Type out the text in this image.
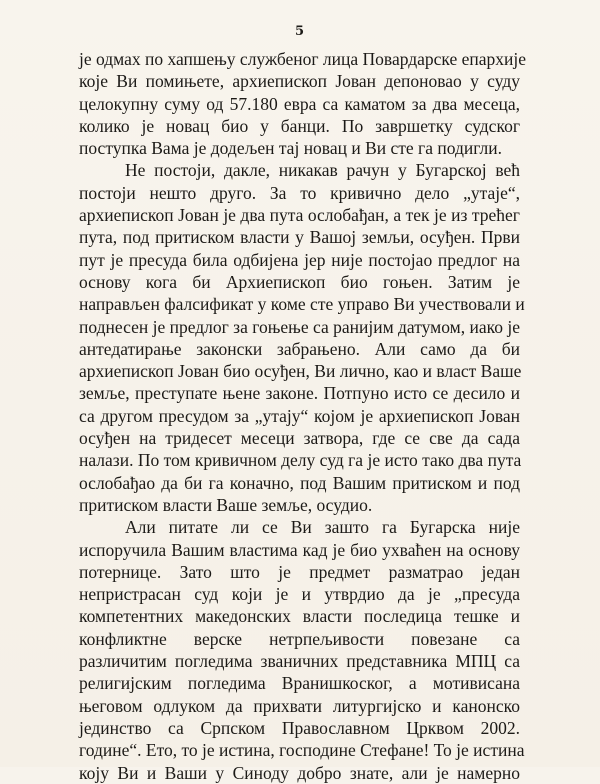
5
је одмах по хапшењу службеног лица Повардарске епархије
које Ви помињете, архиепископ Јован депоновао у суду
целокупну суму од 57.180 евра са каматом за два месеца,
колико је новац био у банци. По завршетку судског
поступка Вама је додељен тај новац и Ви сте га подигли.
Не постоји, дакле, никакав рачун у Бугарској већ
постоји нешто друго. За то кривично дело „утаје“,
архиепископ Јован је два пута ослобађан, а тек је из трећег
пута, под притиском власти у Вашој земљи, осуђен. Први
пут је пресуда била одбијена јер није постојао предлог на
основу кога би Архиепископ био гоњен. Затим је
направљен фалсификат у коме сте управо Ви учествовали и
поднесен је предлог за гоњење са ранијим датумом, иако је
антедатирање законски забрањено. Али само да би
архиепископ Јован био осуђен, Ви лично, као и власт Ваше
земље, преступате њене законе. Потпуно исто се десило и
са другом пресудом за „утају“ којом је архиепископ Јован
осуђен на тридесет месеци затвора, где се све да сада
налази. По том кривичном делу суд га је исто тако два пута
ослобађао да би га коначно, под Вашим притиском и под
притиском власти Ваше земље, осудио.
Али питате ли се Ви зашто га Бугарска није
испоручила Вашим властима кад је био ухваћен на основу
потернице. Зато што је предмет разматрао један
непристрасан суд који је и утврдио да је „пресуда
компетентних македонских власти последица тешке и
конфликтне верске нетрпељивости повезане са
различитим погледима званичних представника МПЦ са
религијским погледима Вранишкоског, а мотивисана
његовом одлуком да прихвати литургијско и канонско
јединство са Српском Православном Црквом 2002.
године“. Ето, то је истина, господине Стефане! То је истина
коју Ви и Ваши у Синоду добро знате, али је намерно
